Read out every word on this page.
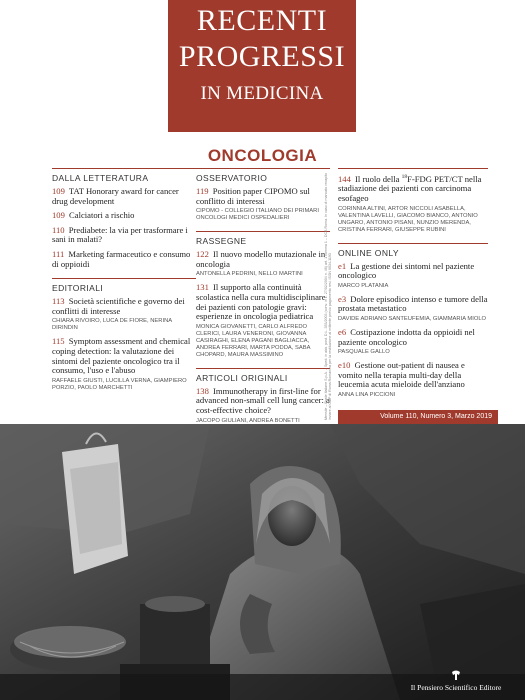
RECENTI
PROGRESSI
IN MEDICINA
ONCOLOGIA
DALLA LETTERATURA
109 TAT Honorary award for cancer drug development
109 Calciatori a rischio
110 Prediabete: la via per trasformare i sani in malati?
111 Marketing farmaceutico e consumo di oppioidi
EDITORIALI
113 Società scientifiche e governo dei conflitti di interesse
CHIARA RIVOIRO, LUCA DE FIORE, NERINA DIRINDIN
115 Symptom assessment and chemical coping detection: la valutazione dei sintomi del paziente oncologico tra il consumo, l'uso e l'abuso
RAFFAELE GIUSTI, LUCILLA VERNA, GIAMPIERO PORZIO, PAOLO MARCHETTI
OSSERVATORIO
119 Position paper CIPOMO sul conflitto di interessi
CIPOMO - COLLEGIO ITALIANO DEI PRIMARI ONCOLOGI MEDICI OSPEDALIERI
RASSEGNE
122 Il nuovo modello mutazionale in oncologia
ANTONELLA PEDRINI, NELLO MARTINI
131 Il supporto alla continuità scolastica nella cura multidisciplinare dei pazienti con patologie gravi: esperienze in oncologia pediatrica
MONICA GIOVANETTI, CARLO ALFREDO CLERICI, LAURA VENERONI, GIOVANNA CASIRAGHI, ELENA PAGANI BAGLIACCA, ANDREA FERRARI, MARTA PODDA, SABA CHOPARD, MAURA MASSIMINO
ARTICOLI ORIGINALI
138 Immunotherapy in first-line for advanced non-small cell lung cancer: a cost-effective choice?
JACOPO GIULIANI, ANDREA BONETTI
Mensile – Poste Italiane S.p.A. – Sped. in abb. post. D.L. 353/2003 (conv. in L. 27/02/2004 n. 46) art. 1 comma 1 – DCB Roma. In caso di mancato recapito inviare al CMP di Roma Romanina per la restituzione al mittente previo pagamento resi. ISSN 0034-1193
144 Il ruolo della $^{18}$F-FDG PET/CT nella stadiazione dei pazienti con carcinoma esofageo
CORINNIA ALTINI, ARTOR NICCOLI ASABELLA, VALENTINA LAVELLI, GIACOMO BIANCO, ANTONIO UNGARO, ANTONIO PISANI, NUNZIO MERENDA, CRISTINA FERRARI, GIUSEPPE RUBINI
ONLINE ONLY
e1 La gestione dei sintomi nel paziente oncologico
MARCO PLATANIA
e3 Dolore episodico intenso e tumore della prostata metastatico
DAVIDE ADRIANO SANTEUFEMIA, GIAMMARIA MIOLO
e6 Costipazione indotta da oppioidi nel paziente oncologico
PASQUALE GALLO
e10 Gestione out-patient di nausea e vomito nella terapia multi-day della leucemia acuta mieloide dell'anziano
ANNA LINA PICCIONI
Volume 110, Numero 3, Marzo 2019
Il Pensiero Scientifico Editore
